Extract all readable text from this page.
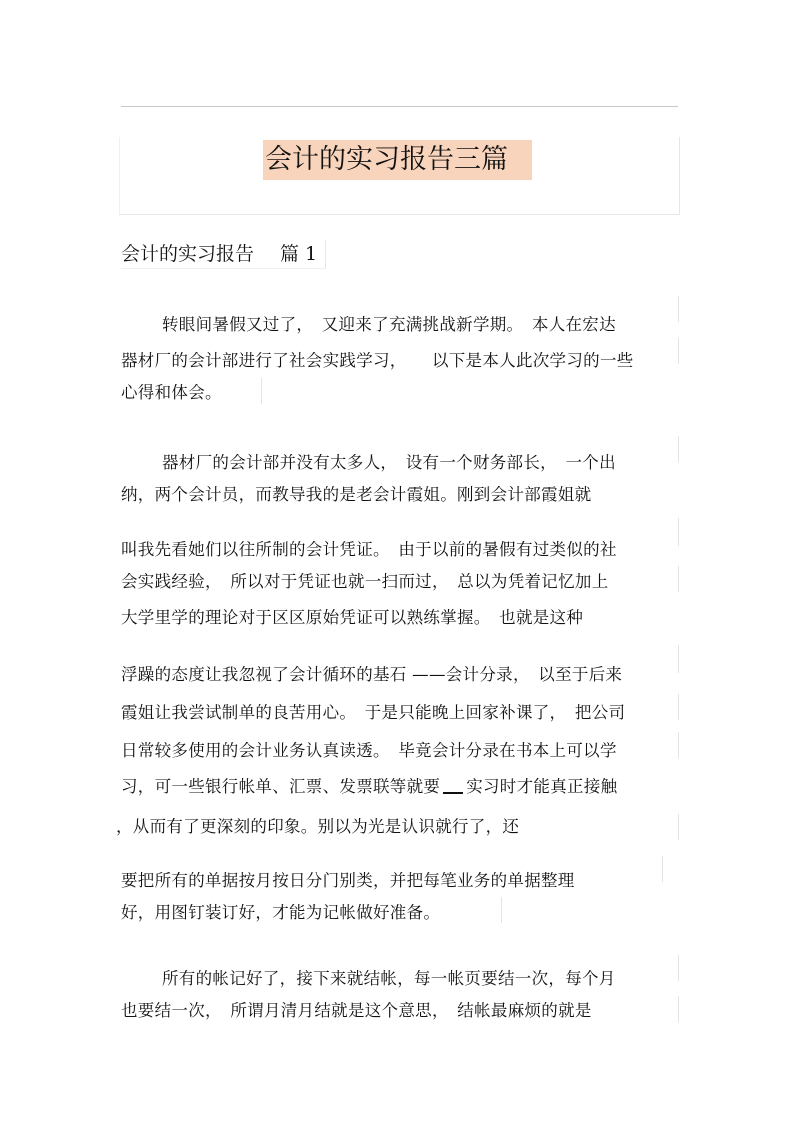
会计的实习报告三篇
会计的实习报告 篇 1
转眼间暑假又过了，　又迎来了充满挑战新学期。　本人在宏达
器材厂的会计部进行了社会实践学习，　　以下是本人此次学习的一些
心得和体会。
器材厂的会计部并没有太多人，　设有一个财务部长，　一个出
纳，两个会计员，而教导我的是老会计霞姐。刚到会计部霞姐就
叫我先看她们以往所制的会计凭证。　由于以前的暑假有过类似的社
会实践经验，　所以对于凭证也就一扫而过，　总以为凭着记忆加上
大学里学的理论对于区区原始凭证可以熟练掌握。　也就是这种
浮躁的态度让我忽视了会计循环的基石 ——会计分录，　以至于后来
霞姐让我尝试制单的良苦用心。　于是只能晚上回家补课了，　把公司
日常较多使用的会计业务认真读透。　毕竟会计分录在书本上可以学
习，可一些银行帐单、汇票、发票联等就要 实习时才能真正接触
，从而有了更深刻的印象。别以为光是认识就行了，还
要把所有的单据按月按日分门别类，并把每笔业务的单据整理
好，用图钉装订好，才能为记帐做好准备。
所有的帐记好了，接下来就结帐，每一帐页要结一次，每个月
也要结一次，　所谓月清月结就是这个意思，　结帐最麻烦的就是
